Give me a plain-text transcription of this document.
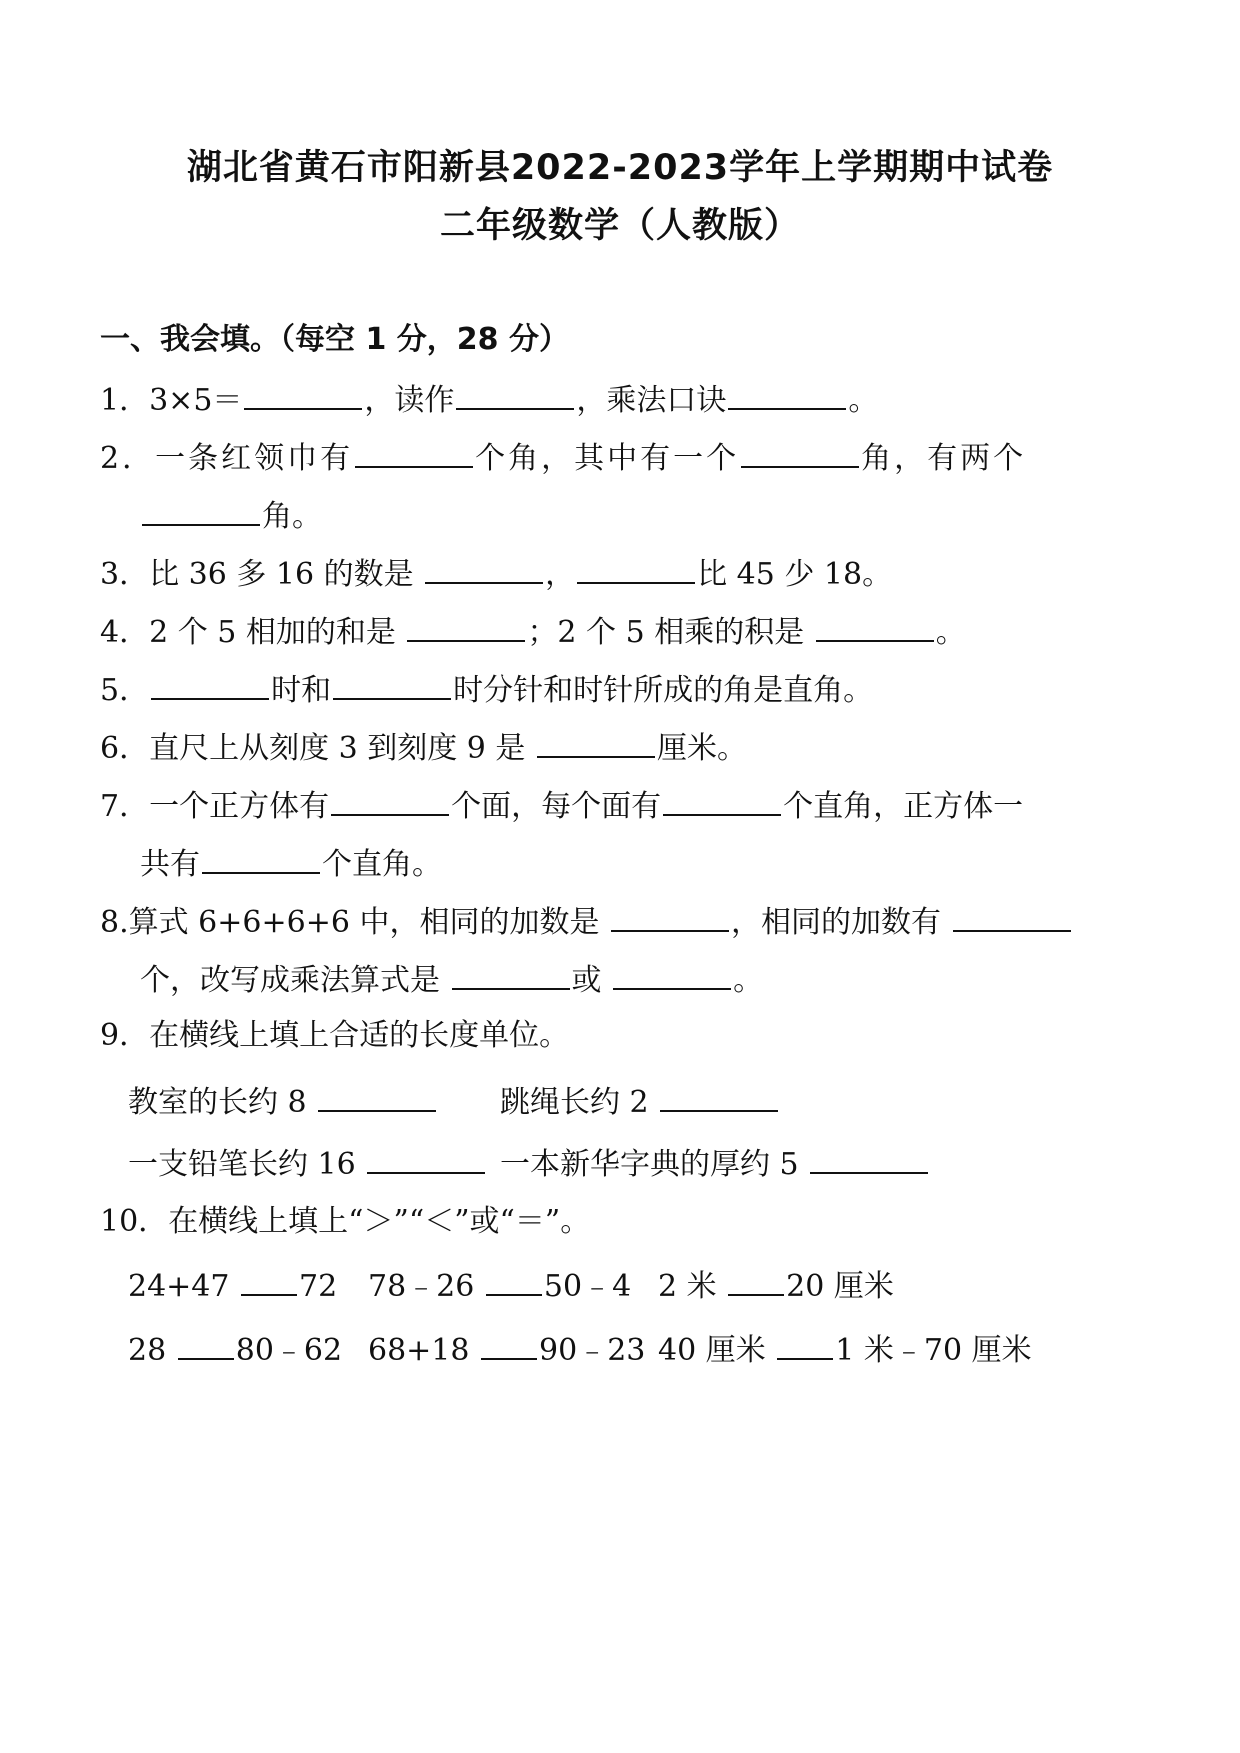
湖北省黄石市阳新县2022-2023学年上学期期中试卷
二年级数学（人教版）
一、我会填。（每空 1 分，28 分）
1．3×5＝	，读作	，乘法口诀	。
2．一条红领巾有	个角，其中有一个	角，有两个
角。
3．比 36 多 16 的数是	，	比 45 少 18。
4．2 个 5 相加的和是	；2 个 5 相乘的积是	。
5．	时和	时分针和时针所成的角是直角。
6．直尺上从刻度 3 到刻度 9 是	厘米。
7．一个正方体有	个面，每个面有	个直角，正方体一
共有	个直角。
8.算式 6+6+6+6 中，相同的加数是	，相同的加数有
个，改写成乘法算式是	或	。
9．在横线上填上合适的长度单位。
教室的长约 8	跳绳长约 2
一支铅笔长约 16	一本新华字典的厚约 5
10．在横线上填上“＞”“＜”或“＝”。
24+47 72 78﹣26 50﹣4 2 米 20 厘米
28 80﹣62 68+18 90﹣23 40 厘米 1 米﹣70 厘米
